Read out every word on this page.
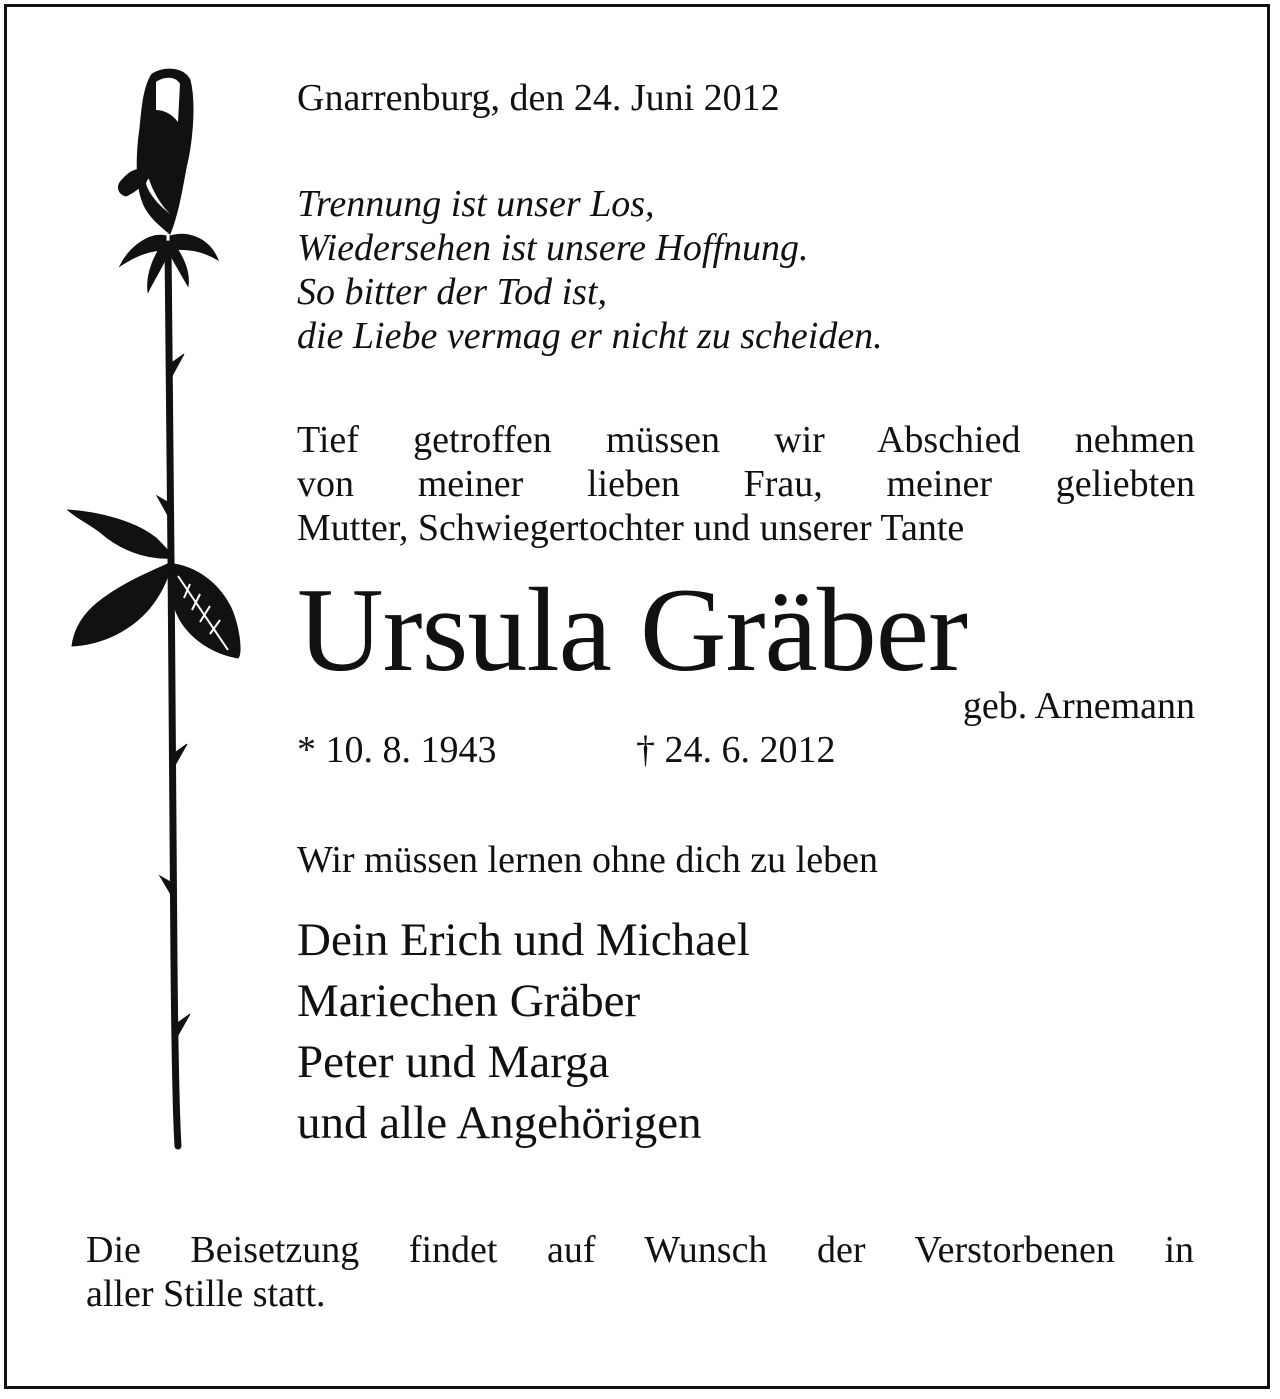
Gnarrenburg, den 24. Juni 2012
Trennung ist unser Los,
Wiedersehen ist unsere Hoffnung.
So bitter der Tod ist,
die Liebe vermag er nicht zu scheiden.
Tief getroffen müssen wir Abschied nehmen
von meiner lieben Frau, meiner geliebten
Mutter, Schwiegertochter und unserer Tante
Ursula Gräber
geb. Arnemann
* 10. 8. 1943	† 24. 6. 2012
Wir müssen lernen ohne dich zu leben
Dein Erich und Michael
Mariechen Gräber
Peter und Marga
und alle Angehörigen
Die Beisetzung findet auf Wunsch der Verstorbenen in
aller Stille statt.
